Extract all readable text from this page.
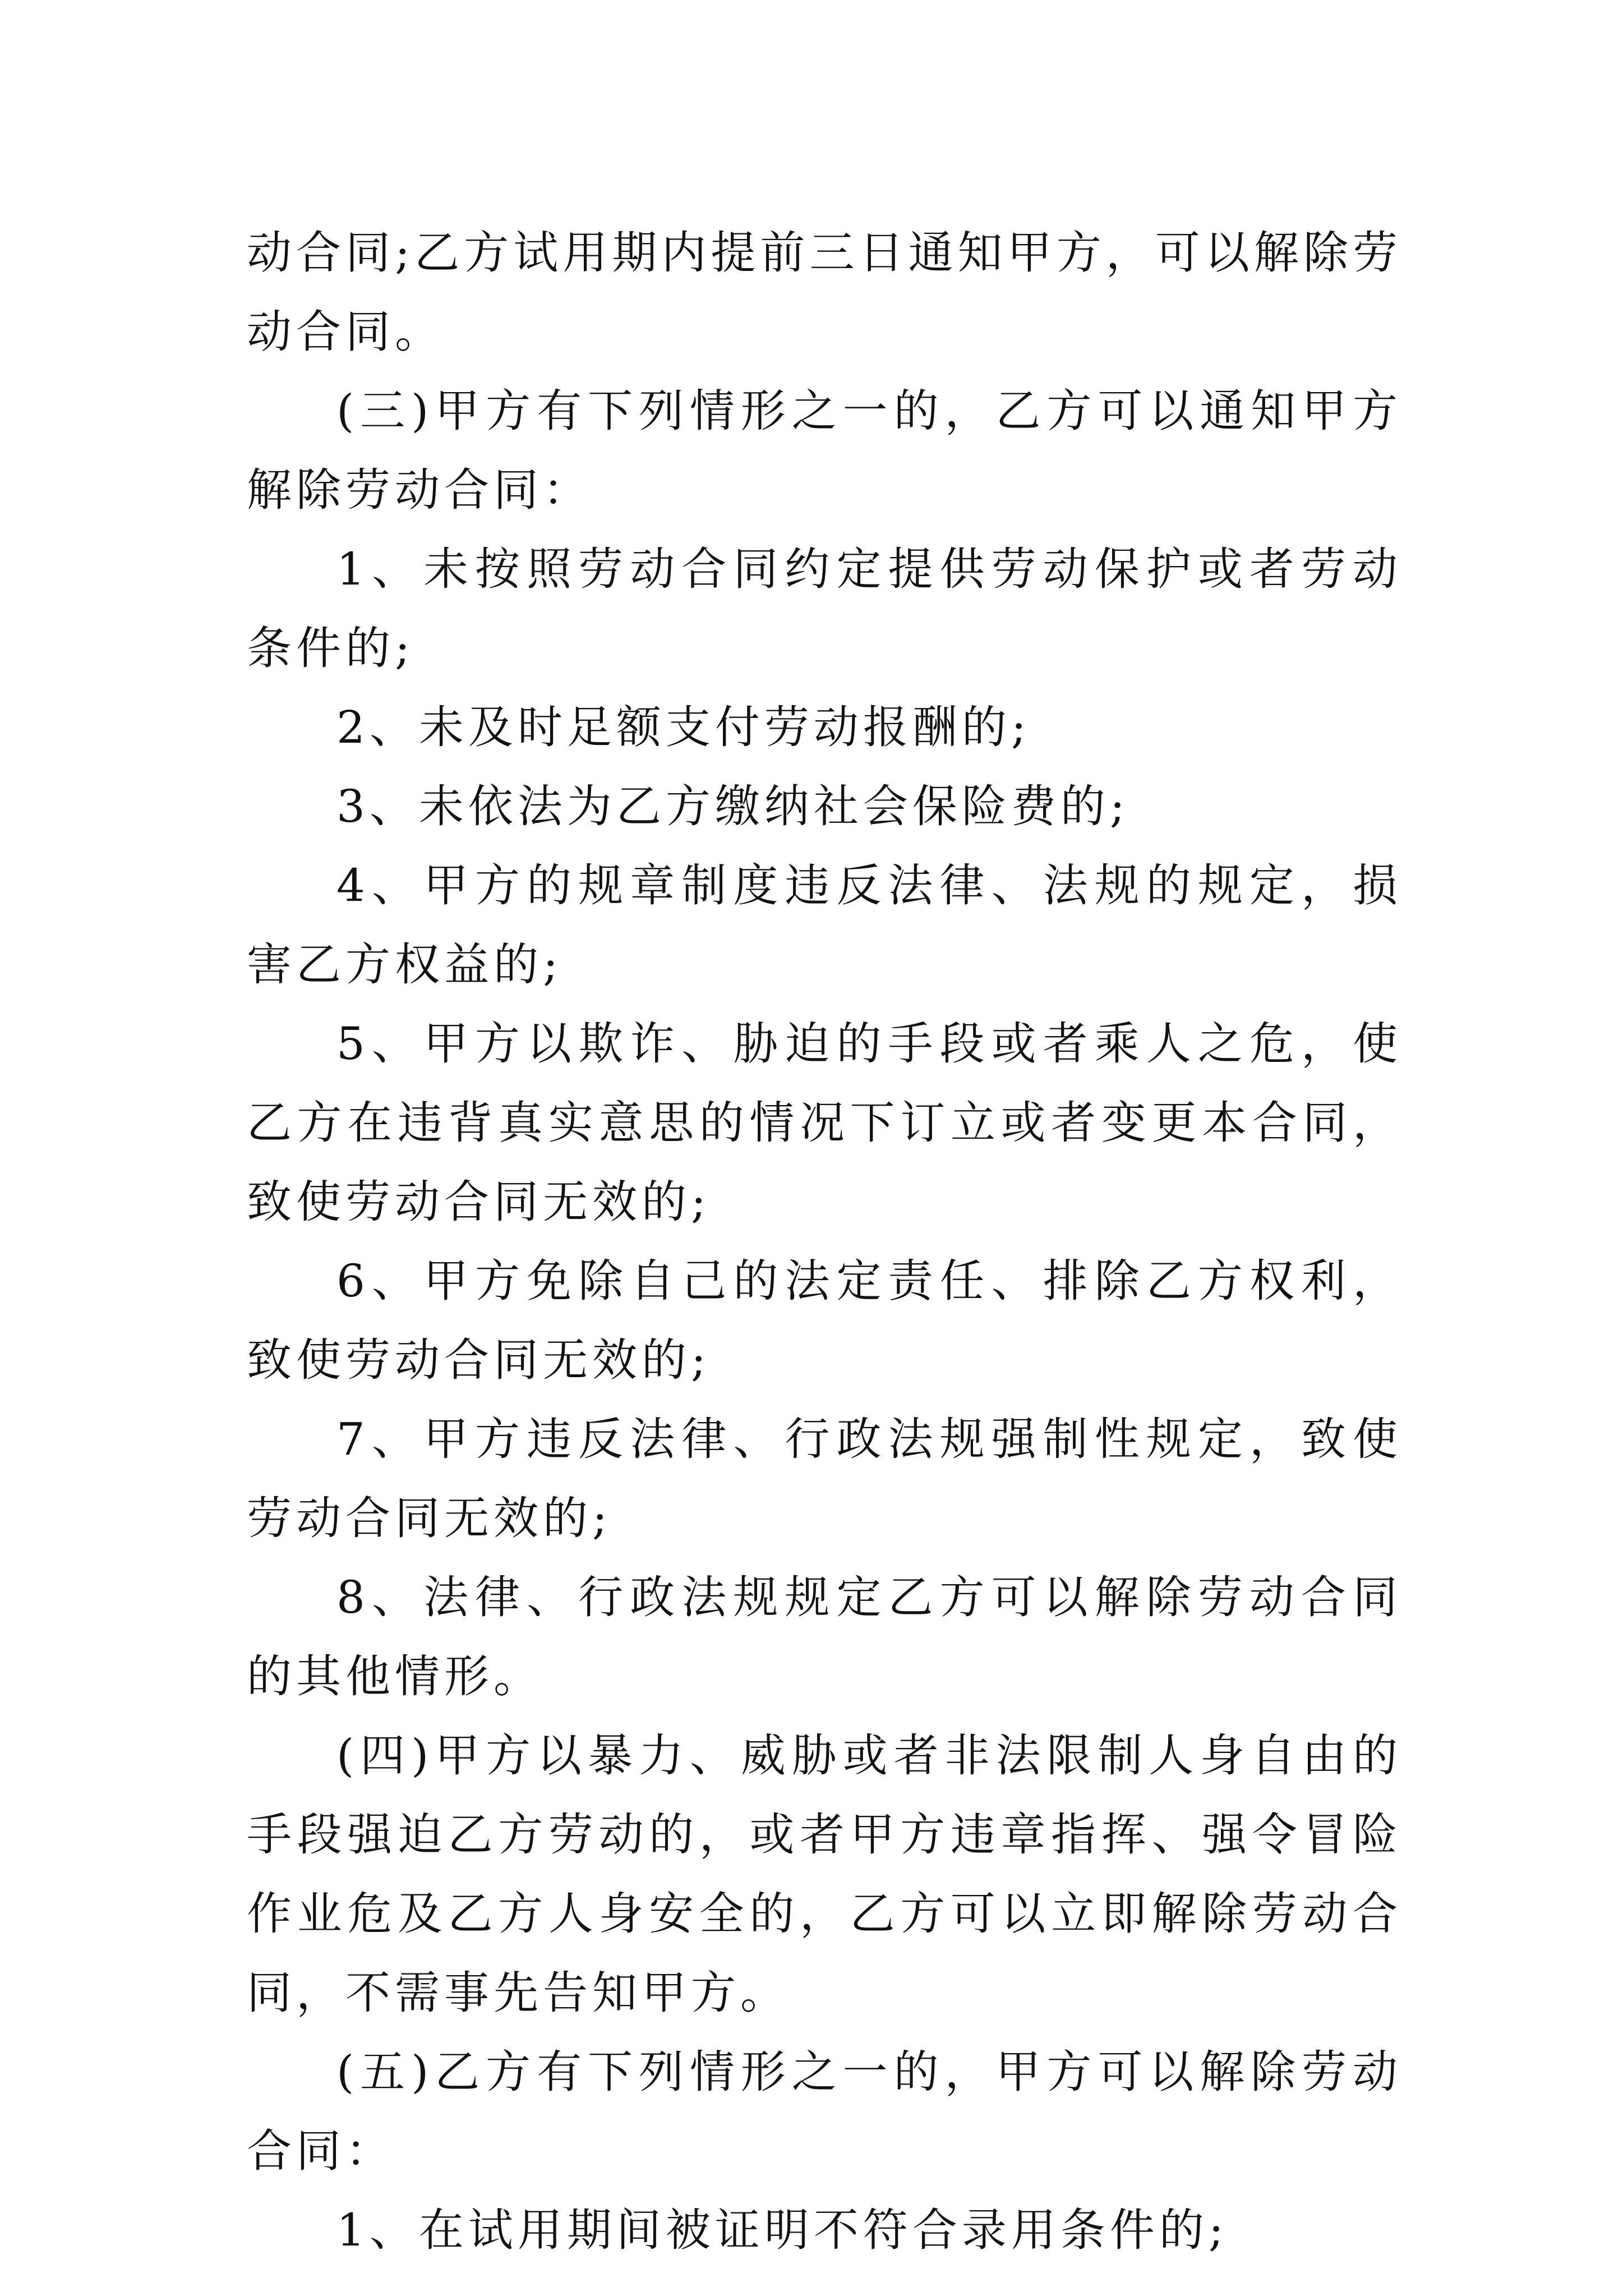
动合同;乙方试用期内提前三日通知甲方，可以解除劳动合同。

(三)甲方有下列情形之一的，乙方可以通知甲方解除劳动合同：

1、未按照劳动合同约定提供劳动保护或者劳动条件的;

2、未及时足额支付劳动报酬的;

3、未依法为乙方缴纳社会保险费的;

4、甲方的规章制度违反法律、法规的规定，损害乙方权益的;

5、甲方以欺诈、胁迫的手段或者乘人之危，使乙方在违背真实意思的情况下订立或者变更本合同，致使劳动合同无效的;

6、甲方免除自己的法定责任、排除乙方权利，致使劳动合同无效的;

7、甲方违反法律、行政法规强制性规定，致使劳动合同无效的;

8、法律、行政法规规定乙方可以解除劳动合同的其他情形。

(四)甲方以暴力、威胁或者非法限制人身自由的手段强迫乙方劳动的，或者甲方违章指挥、强令冒险作业危及乙方人身安全的，乙方可以立即解除劳动合同，不需事先告知甲方。

(五)乙方有下列情形之一的，甲方可以解除劳动合同：

1、在试用期间被证明不符合录用条件的;
